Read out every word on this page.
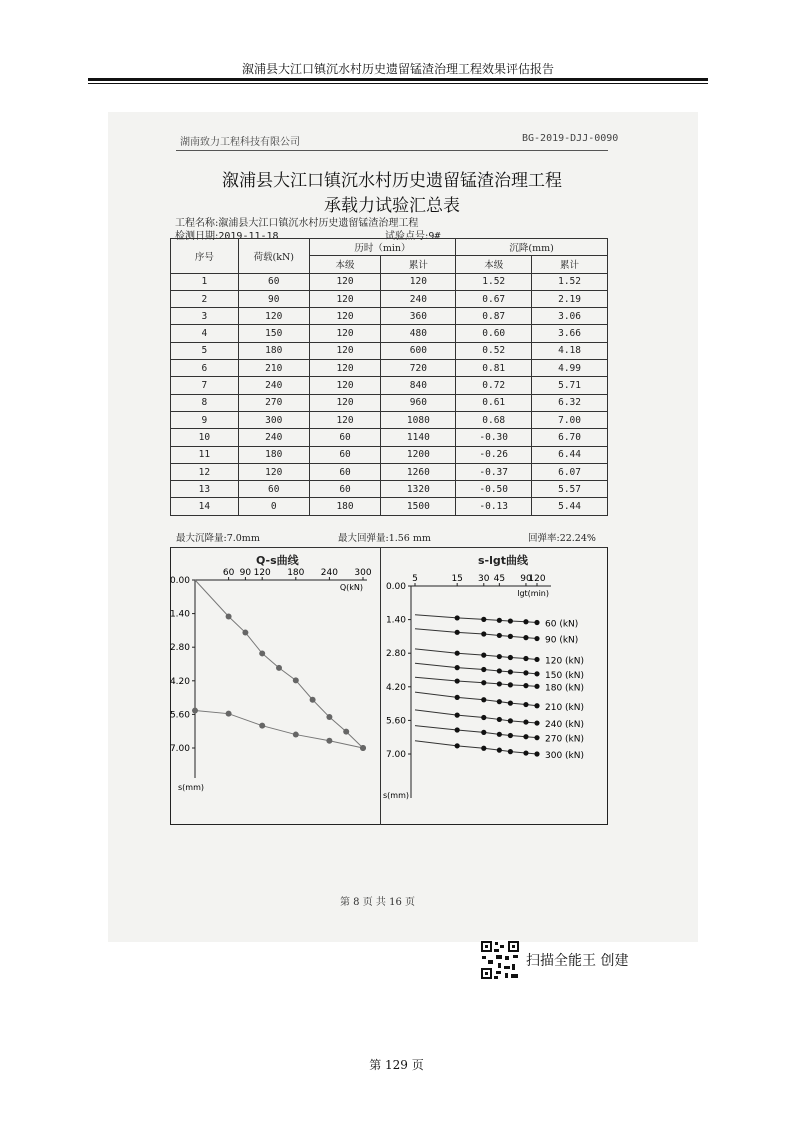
溆浦县大江口镇沉水村历史遗留锰渣治理工程效果评估报告
湖南致力工程科技有限公司	BG-2019-DJJ-0090
溆浦县大江口镇沉水村历史遗留锰渣治理工程
承载力试验汇总表
工程名称:溆浦县大江口镇沉水村历史遗留锰渣治理工程
检测日期:2019-11-18	试验点号:9#
序号	荷载(kN)	历时（min）		沉降(mm)	
		本级	累计	本级	累计
1	60	120	120	1.52	1.52
2	90	120	240	0.67	2.19
3	120	120	360	0.87	3.06
4	150	120	480	0.60	3.66
5	180	120	600	0.52	4.18
6	210	120	720	0.81	4.99
7	240	120	840	0.72	5.71
8	270	120	960	0.61	6.32
9	300	120	1080	0.68	7.00
10	240	60	1140	-0.30	6.70
11	180	60	1200	-0.26	6.44
12	120	60	1260	-0.37	6.07
13	60	60	1320	-0.50	5.57
14	0	180	1500	-0.13	5.44
最大沉降量:7.0mm	最大回弹量:1.56 mm	回弹率:22.24%
Q-s曲线	s-lgt曲线
60 90 120 180 240 300
Q(kN)
0.00
1.40
2.80
4.20
5.60
7.00
s(mm)
5	15 30 45 90
120
lgt(min)
0.00
1.40
2.80
4.20
5.60
7.00
s(mm)
60 (kN)
90 (kN)
120 (kN)
150 (kN)
180 (kN)
210 (kN)
240 (kN)
270 (kN)
300 (kN)
第 8 页 共 16 页
扫描全能王 创建
第 129 页
